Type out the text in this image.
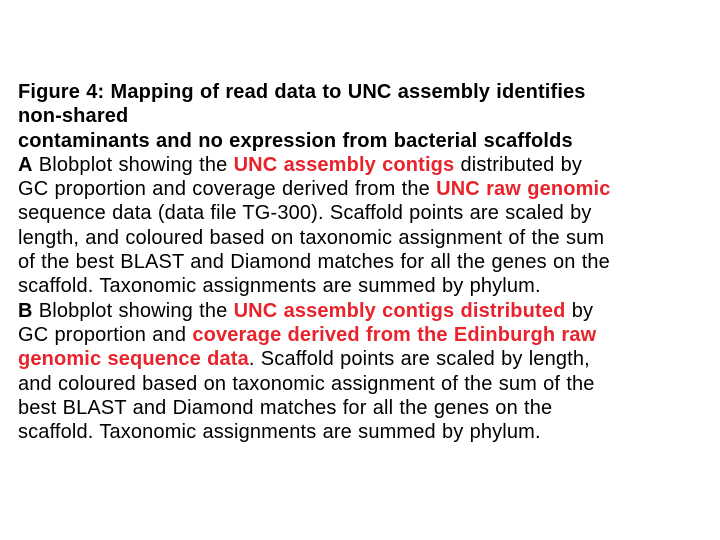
Figure 4: Mapping of read data to UNC assembly identifies
non-shared
contaminants and no expression from bacterial scaffolds
A Blobplot showing the UNC assembly contigs distributed by
GC proportion and coverage derived from the UNC raw genomic
sequence data (data file TG-300). Scaffold points are scaled by
length, and coloured based on taxonomic assignment of the sum
of the best BLAST and Diamond matches for all the genes on the
scaffold. Taxonomic assignments are summed by phylum.
B Blobplot showing the UNC assembly contigs distributed by
GC proportion and coverage derived from the Edinburgh raw
genomic sequence data. Scaffold points are scaled by length,
and coloured based on taxonomic assignment of the sum of the
best BLAST and Diamond matches for all the genes on the
scaffold. Taxonomic assignments are summed by phylum.
